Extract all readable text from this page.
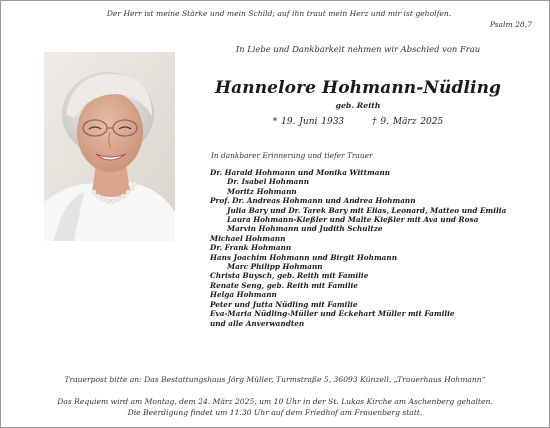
Der Herr ist meine Stärke und mein Schild; auf ihn traut mein Herz und mir ist geholfen.
Psalm 28,7
In Liebe und Dankbarkeit nehmen wir Abschied von Frau
Hannelore Hohmann-Nüdling
geb. Reith
* 19. Juni 1933	† 9. März 2025
In dankbarer Erinnerung und tiefer Trauer
Dr. Harald Hohmann und Monika Wittmann
Dr. Isabel Hohmann
Moritz Hohmann
Prof. Dr. Andreas Hohmann und Andrea Hohmann
Julia Bary und Dr. Tarek Bary mit Elias, Leonard, Matteo und Emilia
Laura Hohmann-Kießler und Malte Kießler mit Ava und Rosa
Marvin Hohmann und Judith Schultze
Michael Hohmann
Dr. Frank Hohmann
Hans Joachim Hohmann und Birgit Hohmann
Marc Philipp Hohmann
Christa Buysch, geb. Reith mit Familie
Renate Seng, geb. Reith mit Familie
Helga Hohmann
Peter und Jutta Nüdling mit Familie
Eva-Maria Nüdling-Müller und Eckehart Müller mit Familie
und alle Anverwandten
Trauerpost bitte an: Das Bestattungshaus Jörg Müller, Turmstraße 5, 36093 Künzell, „Trauerhaus Hohmann“
Das Requiem wird am Montag, dem 24. März 2025, um 10 Uhr in der St. Lukas Kirche am Aschenberg gehalten.
Die Beerdigung findet um 11.30 Uhr auf dem Friedhof am Frauenberg statt.
